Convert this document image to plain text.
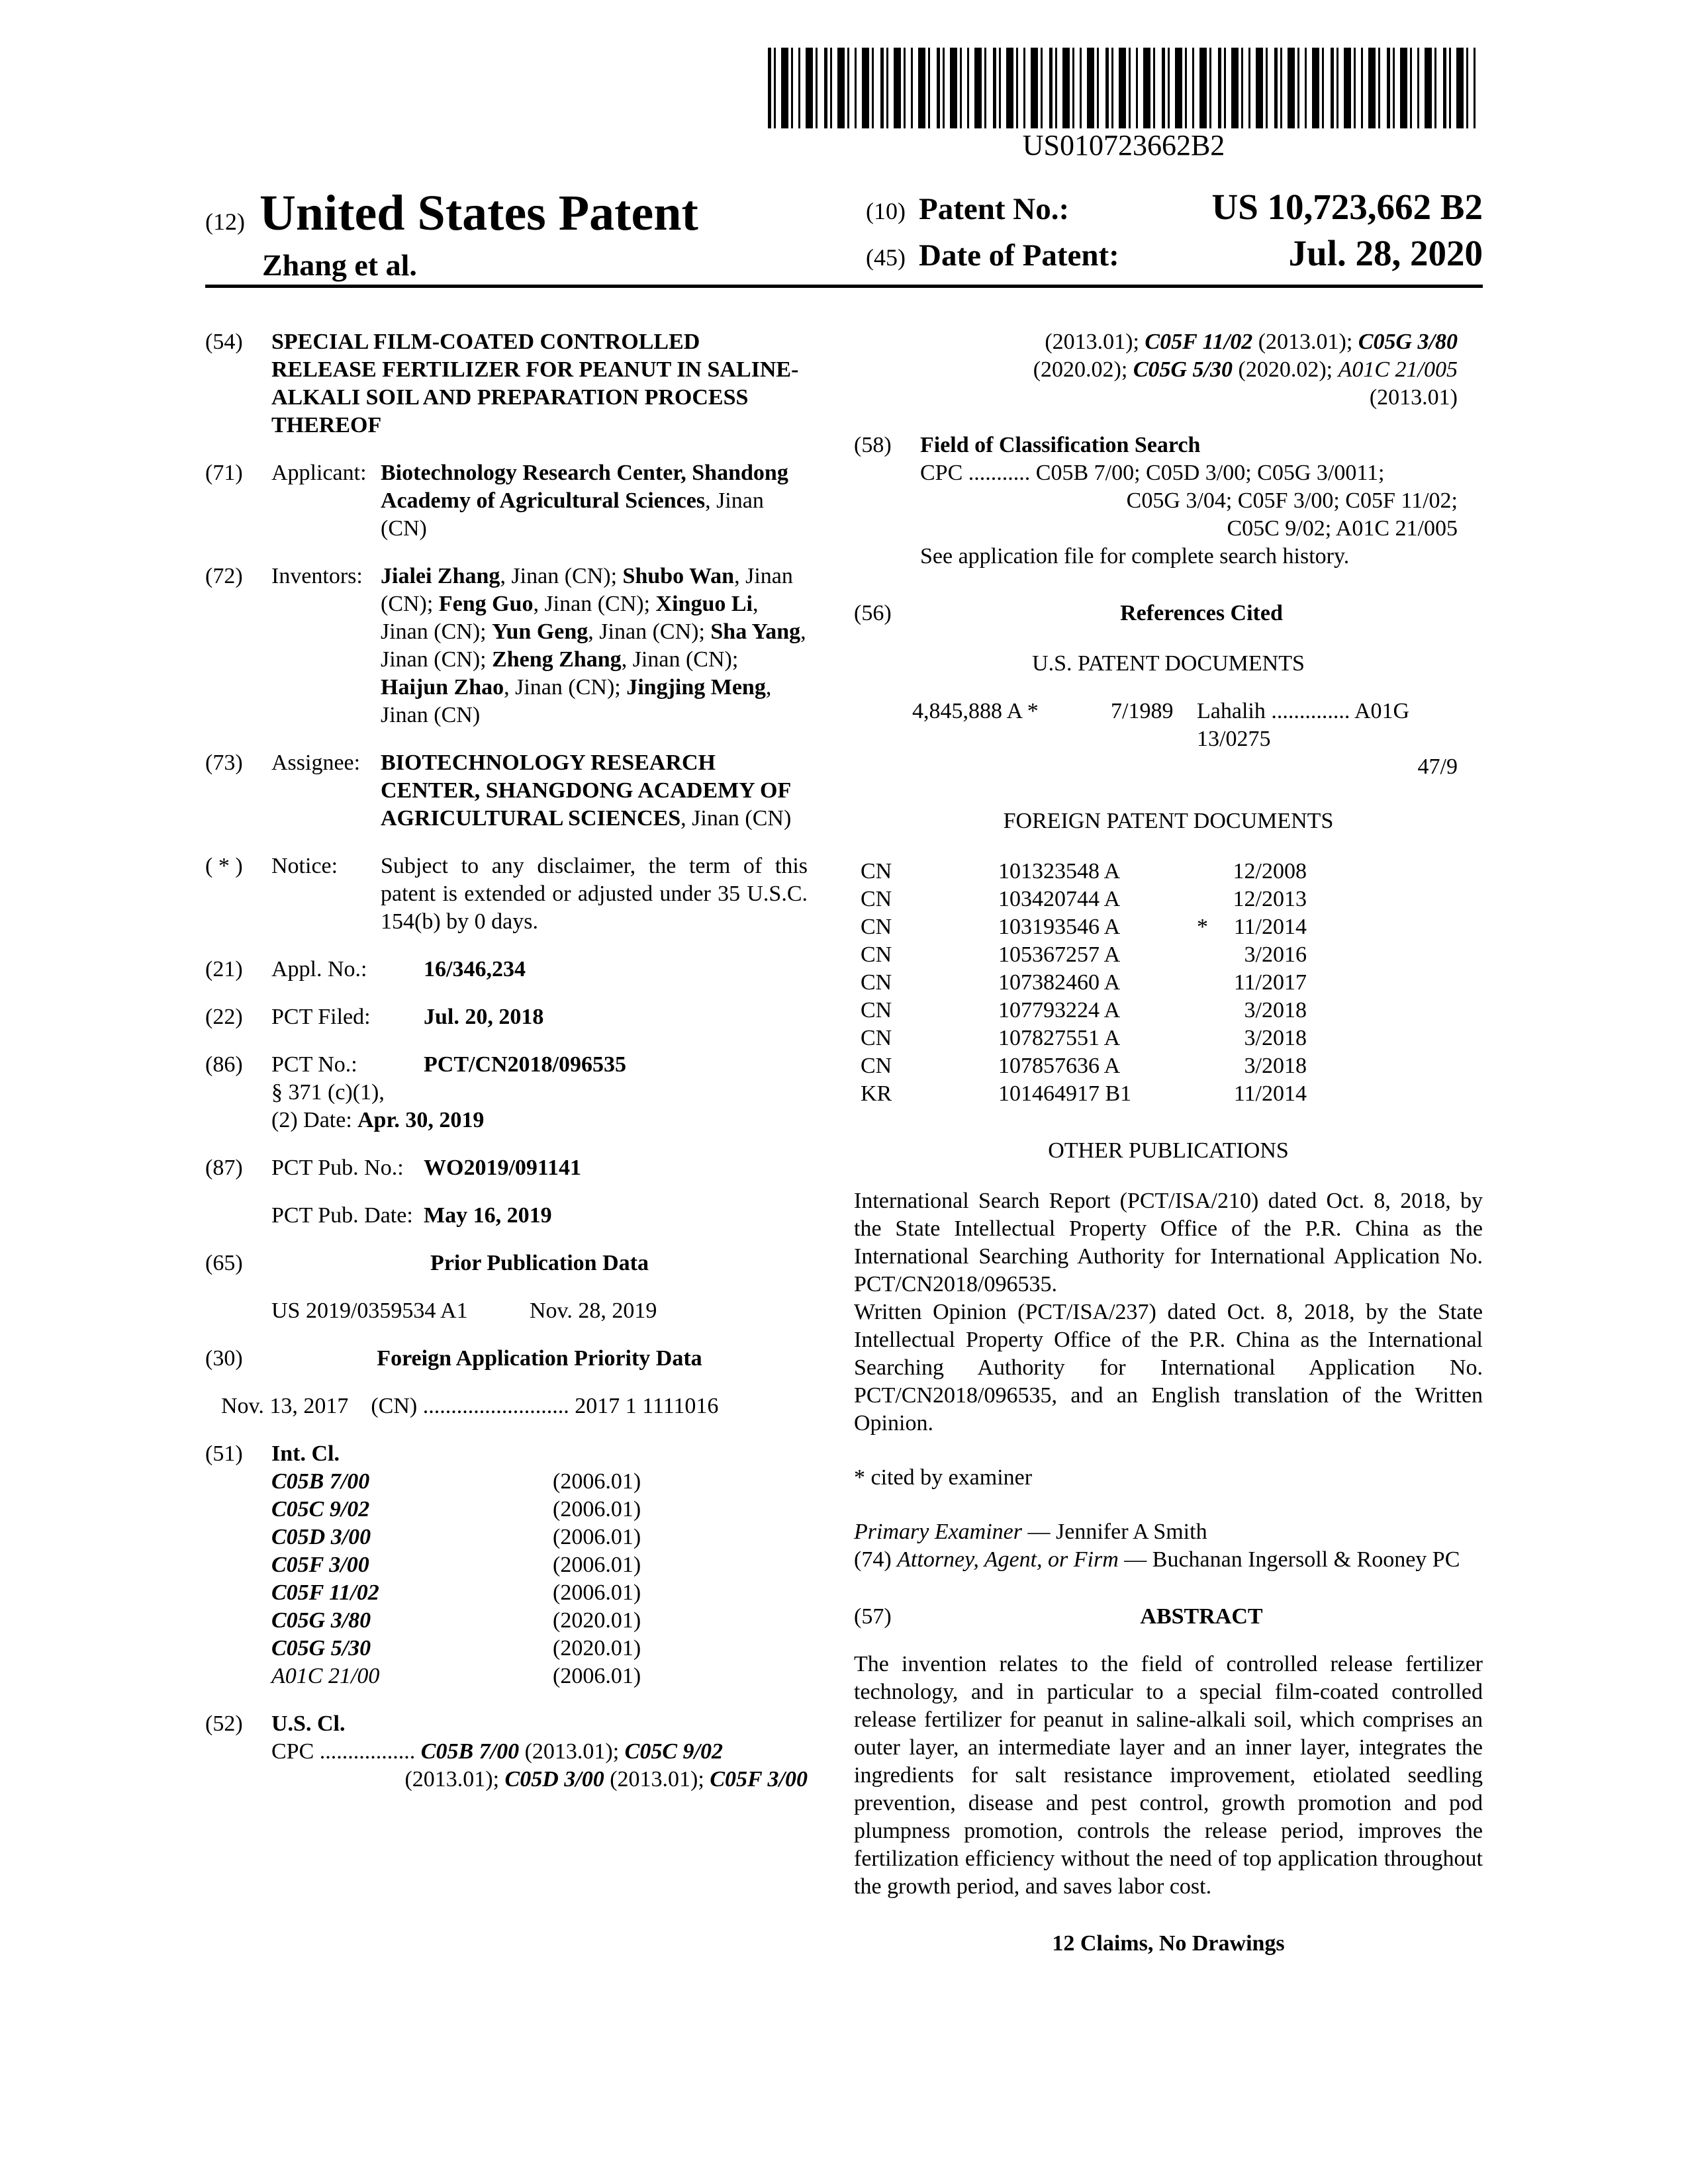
US010723662B2
(12) United States Patent
Zhang et al.
(10) Patent No.:	US 10,723,662 B2
(45) Date of Patent:	Jul. 28, 2020
(54)	SPECIAL FILM-COATED CONTROLLED RELEASE FERTILIZER FOR PEANUT IN SALINE-ALKALI SOIL AND PREPARATION PROCESS THEREOF
(71)	Applicant: Biotechnology Research Center, Shandong Academy of Agricultural Sciences, Jinan (CN)
(72)	Inventors: Jialei Zhang, Jinan (CN); Shubo Wan, Jinan (CN); Feng Guo, Jinan (CN); Xinguo Li, Jinan (CN); Yun Geng, Jinan (CN); Sha Yang, Jinan (CN); Zheng Zhang, Jinan (CN); Haijun Zhao, Jinan (CN); Jingjing Meng, Jinan (CN)
(73)	Assignee: BIOTECHNOLOGY RESEARCH CENTER, SHANGDONG ACADEMY OF AGRICULTURAL SCIENCES, Jinan (CN)
( * )	Notice:	Subject to any disclaimer, the term of this patent is extended or adjusted under 35 U.S.C. 154(b) by 0 days.
(21)	Appl. No.:	16/346,234
(22)	PCT Filed:	Jul. 20, 2018
(86)	PCT No.:	PCT/CN2018/096535
§ 371 (c)(1),
(2) Date: Apr. 30, 2019
(87)	PCT Pub. No.: WO2019/091141
PCT Pub. Date: May 16, 2019
(65)	Prior Publication Data
US 2019/0359534 A1	Nov. 28, 2019
(30)	Foreign Application Priority Data
Nov. 13, 2017    (CN) .......................... 2017 1 1111016
(51)	Int. Cl.
C05B 7/00	(2006.01)
C05C 9/02	(2006.01)
C05D 3/00	(2006.01)
C05F 3/00	(2006.01)
C05F 11/02	(2006.01)
C05G 3/80	(2020.01)
C05G 5/30	(2020.01)
A01C 21/00	(2006.01)
(52)	U.S. Cl.
CPC ................. C05B 7/00 (2013.01); C05C 9/02
(2013.01); C05D 3/00 (2013.01); C05F 3/00
(2013.01); C05F 11/02 (2013.01); C05G 3/80
(2020.02); C05G 5/30 (2020.02); A01C 21/005
(2013.01)
(58)	Field of Classification Search
CPC ........... C05B 7/00; C05D 3/00; C05G 3/0011;
C05G 3/04; C05F 3/00; C05F 11/02;
C05C 9/02; A01C 21/005
See application file for complete search history.
(56)	References Cited
U.S. PATENT DOCUMENTS
4,845,888 A *	7/1989	Lahalih .............. A01G 13/0275
47/9
FOREIGN PATENT DOCUMENTS
CN	101323548 A	12/2008
CN	103420744 A	12/2013
CN	103193546 A	*	11/2014
CN	105367257 A	3/2016
CN	107382460 A	11/2017
CN	107793224 A	3/2018
CN	107827551 A	3/2018
CN	107857636 A	3/2018
KR	101464917 B1	11/2014
OTHER PUBLICATIONS
International Search Report (PCT/ISA/210) dated Oct. 8, 2018, by the State Intellectual Property Office of the P.R. China as the International Searching Authority for International Application No. PCT/CN2018/096535.
Written Opinion (PCT/ISA/237) dated Oct. 8, 2018, by the State Intellectual Property Office of the P.R. China as the International Searching Authority for International Application No. PCT/CN2018/096535, and an English translation of the Written Opinion.
* cited by examiner
Primary Examiner — Jennifer A Smith
(74) Attorney, Agent, or Firm — Buchanan Ingersoll & Rooney PC
(57)	ABSTRACT
The invention relates to the field of controlled release fertilizer technology, and in particular to a special film-coated controlled release fertilizer for peanut in saline-alkali soil, which comprises an outer layer, an intermediate layer and an inner layer, integrates the ingredients for salt resistance improvement, etiolated seedling prevention, disease and pest control, growth promotion and pod plumpness promotion, controls the release period, improves the fertilization efficiency without the need of top application throughout the growth period, and saves labor cost.
12 Claims, No Drawings
